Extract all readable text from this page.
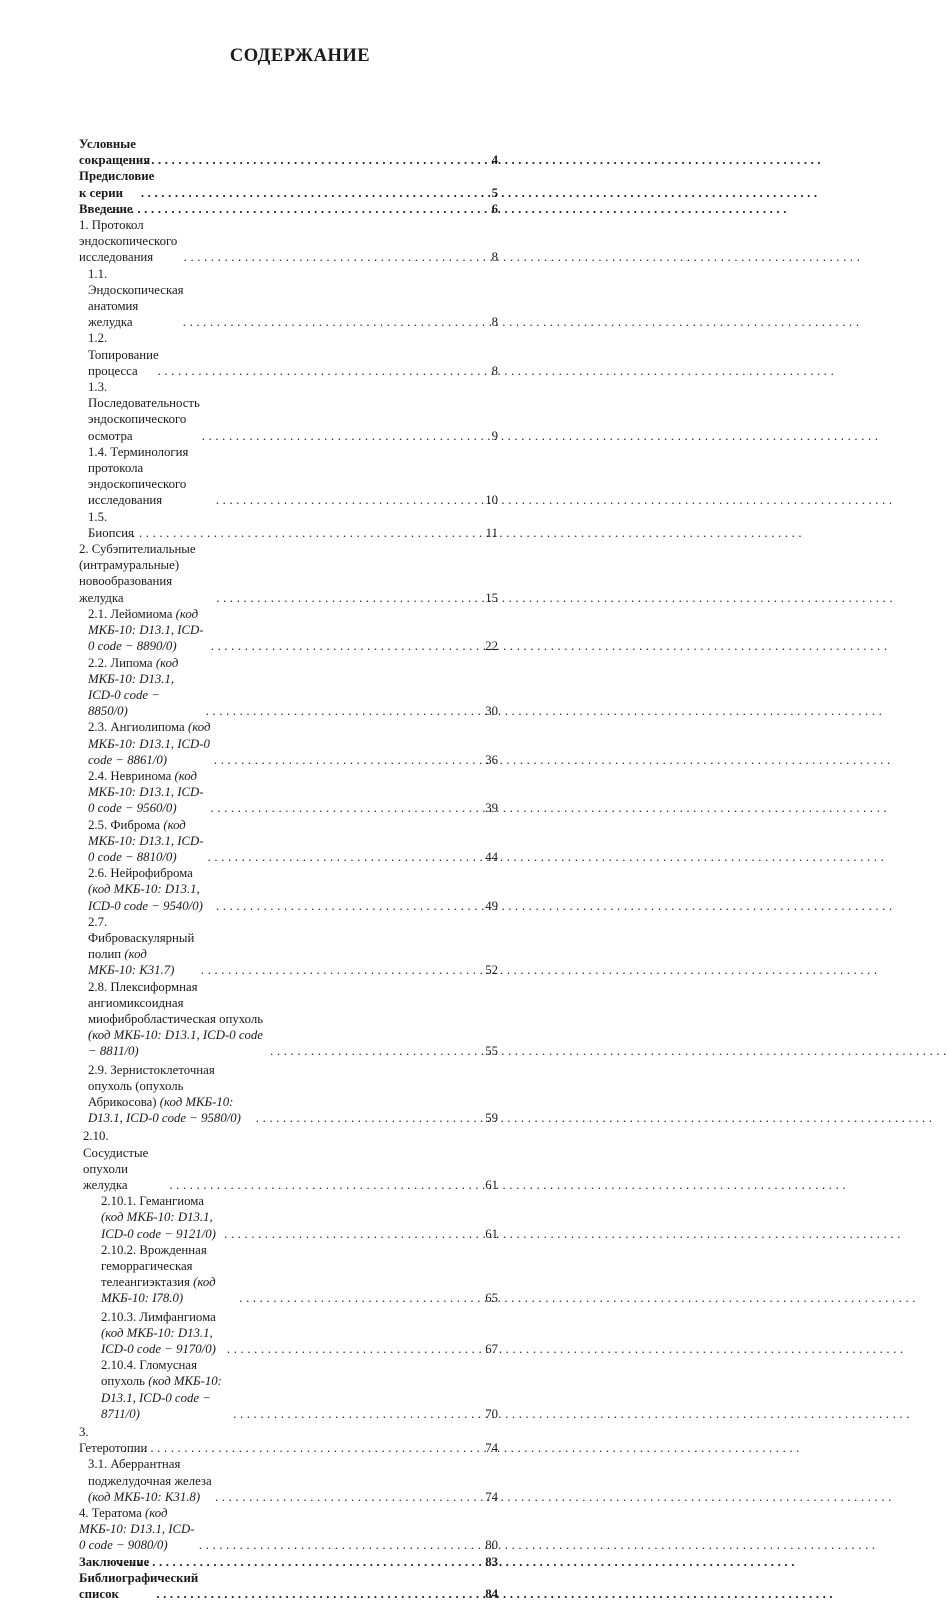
СОДЕРЖАНИЕ
Условные сокращения . . .	4
Предисловие к серии . . .	5
Введение . . .	6
1. Протокол эндоскопического исследования . . .	8
1.1. Эндоскопическая анатомия желудка . . .	8
1.2. Топирование процесса . . .	8
1.3. Последовательность эндоскопического осмотра . . .	9
1.4. Терминология протокола эндоскопического исследования . . .	10
1.5. Биопсия . . .	11
2. Субэпителиальные (интрамуральные) новообразования желудка . . .	15
2.1. Лейомиома (код МКБ-10: D13.1, ICD-0 code − 8890/0) . . .	22
2.2. Липома (код МКБ-10: D13.1, ICD-0 code − 8850/0) . . .	30
2.3. Ангиолипома (код МКБ-10: D13.1, ICD-0 code − 8861/0) . . .	36
2.4. Невринома (код МКБ-10: D13.1, ICD-0 code − 9560/0) . . .	39
2.5. Фиброма (код МКБ-10: D13.1, ICD-0 code − 8810/0) . . .	44
2.6. Нейрофиброма (код МКБ-10: D13.1, ICD-0 code − 9540/0) . . .	49
2.7. Фиброваскулярный полип (код МКБ-10: K31.7) . . .	52
2.8. Плексиформная ангиомиксоидная миофибробластическая опухоль (код МКБ-10: D13.1, ICD-0 code − 8811/0) . . .	55
2.9. Зернистоклеточная опухоль (опухоль Абрикосова) (код МКБ-10: D13.1, ICD-0 code − 9580/0) . . .	59
2.10. Сосудистые опухоли желудка . . .	61
2.10.1. Гемангиома (код МКБ-10: D13.1, ICD-0 code − 9121/0) . . .	61
2.10.2. Врожденная геморрагическая телеангиэктазия (код МКБ-10: I78.0) . . .	65
2.10.3. Лимфангиома (код МКБ-10: D13.1, ICD-0 code − 9170/0) . . .	67
2.10.4. Гломусная опухоль (код МКБ-10: D13.1, ICD-0 code − 8711/0) . . .	70
3. Гетеротопии . . .	74
3.1. Аберрантная поджелудочная железа (код МКБ-10: K31.8) . . .	74
4. Тератома (код МКБ-10: D13.1, ICD-0 code − 9080/0) . . .	80
Заключение . . .	83
Библиографический список . . .	84
